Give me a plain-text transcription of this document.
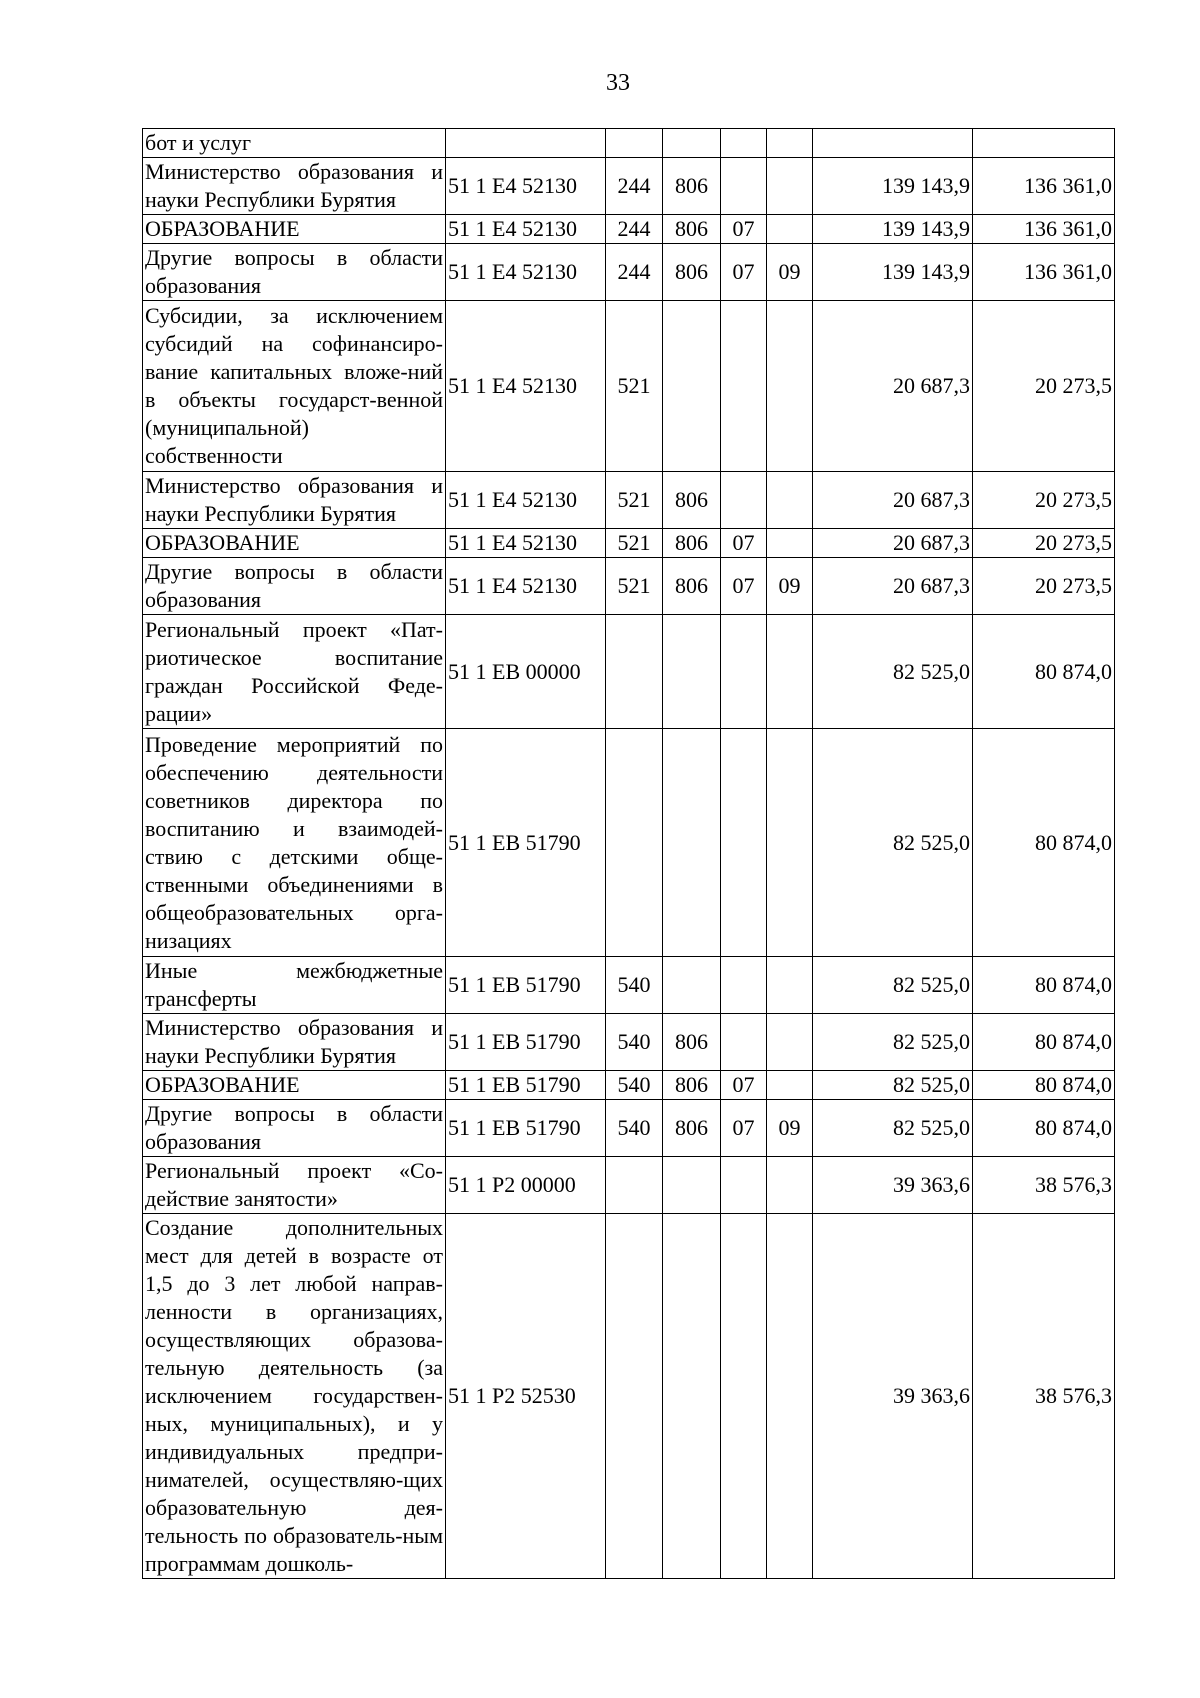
33
бот и услуг							
Министерство образования и науки Республики Бурятия	51 1 E4 52130	244	806			139 143,9	136 361,0
ОБРАЗОВАНИЕ	51 1 E4 52130	244	806	07		139 143,9	136 361,0
Другие вопросы в области образования	51 1 E4 52130	244	806	07	09	139 143,9	136 361,0
Субсидии, за исключением субсидий на софинансиро-вание капитальных вложе-ний в объекты государст-венной (муниципальной) собственности	51 1 E4 52130	521				20 687,3	20 273,5
Министерство образования и науки Республики Бурятия	51 1 E4 52130	521	806			20 687,3	20 273,5
ОБРАЗОВАНИЕ	51 1 E4 52130	521	806	07		20 687,3	20 273,5
Другие вопросы в области образования	51 1 E4 52130	521	806	07	09	20 687,3	20 273,5
Региональный проект «Пат-риотическое воспитание граждан Российской Феде-рации»	51 1 EB 00000					82 525,0	80 874,0
Проведение мероприятий по обеспечению деятельности советников директора по воспитанию и взаимодей-ствию с детскими обще-ственными объединениями в общеобразовательных орга-низациях	51 1 EB 51790					82 525,0	80 874,0
Иные межбюджетные трансферты	51 1 EB 51790	540				82 525,0	80 874,0
Министерство образования и науки Республики Бурятия	51 1 EB 51790	540	806			82 525,0	80 874,0
ОБРАЗОВАНИЕ	51 1 EB 51790	540	806	07		82 525,0	80 874,0
Другие вопросы в области образования	51 1 EB 51790	540	806	07	09	82 525,0	80 874,0
Региональный проект «Со-действие занятости»	51 1 P2 00000					39 363,6	38 576,3
Создание дополнительных мест для детей в возрасте от 1,5 до 3 лет любой направ-ленности в организациях, осуществляющих образова-тельную деятельность (за исключением государствен-ных, муниципальных), и у индивидуальных предпри-нимателей, осуществляю-щих образовательную дея-тельность по образователь-ным программам дошколь-	51 1 P2 52530					39 363,6	38 576,3
